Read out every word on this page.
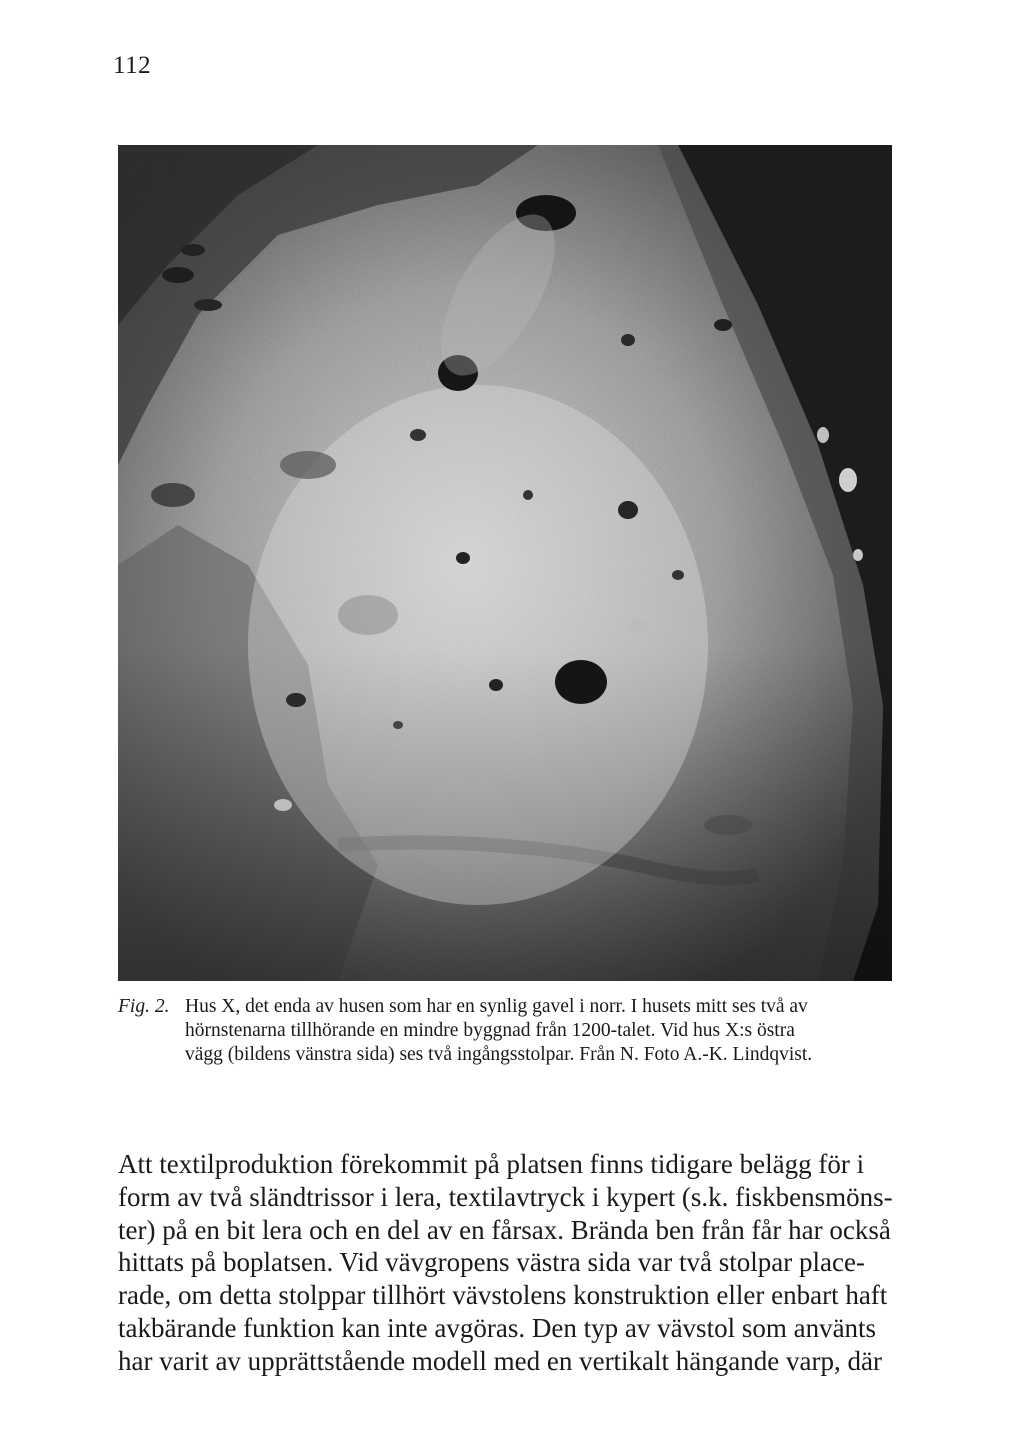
112
Fig. 2. Hus X, det enda av husen som har en synlig gavel i norr. I husets mitt ses två av
hörnstenarna tillhörande en mindre byggnad från 1200-talet. Vid hus X:s östra
vägg (bildens vänstra sida) ses två ingångsstolpar. Från N. Foto A.-K. Lindqvist.
Att textilproduktion förekommit på platsen finns tidigare belägg för i
form av två sländtrissor i lera, textilavtryck i kypert (s.k. fiskbensmöns-
ter) på en bit lera och en del av en fårsax. Brända ben från får har också
hittats på boplatsen. Vid vävgropens västra sida var två stolpar place-
rade, om detta stolppar tillhört vävstolens konstruktion eller enbart haft
takbärande funktion kan inte avgöras. Den typ av vävstol som använts
har varit av upprättstående modell med en vertikalt hängande varp, där
